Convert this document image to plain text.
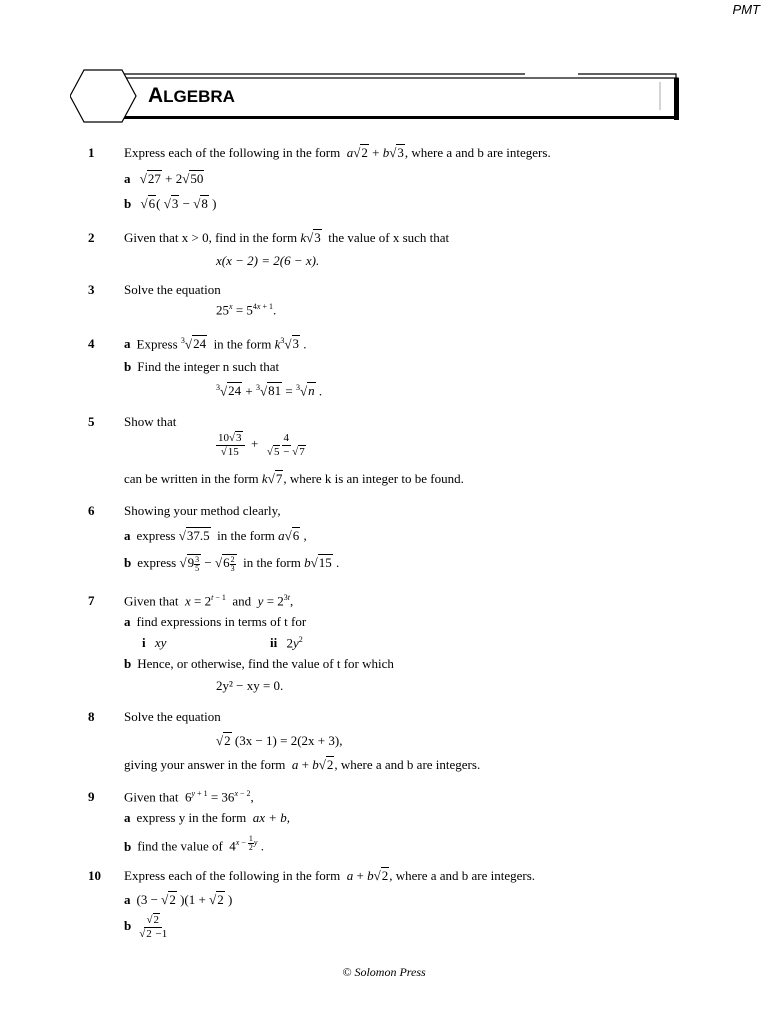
PMT
ALGEBRA
1 Express each of the following in the form a√2 + b√3, where a and b are integers.
a √27 + 2√50
b √6( √3 − √8 )
2 Given that x > 0, find in the form k√3 the value of x such that
x(x − 2) = 2(6 − x).
3 Solve the equation
$25^x = 5^{4x + 1}$.
4 a Express $^3$√24 in the form $k^3√3$ .
b Find the integer n such that
$^3$√24 + $^3$√81 = $^3$√n .
5 Show that
$\frac{10√3}{√15} + \frac{4}{√5 - √7}$
can be written in the form k√7, where k is an integer to be found.
6 Showing your method clearly,
a express √37.5 in the form a√6 ,
b express $√9 \frac{3}{5} - √6 \frac{2}{3}$ in the form b√15 .
7 Given that $x = 2^{t - 1}$ and $y = 2^{3t}$,
a find expressions in terms of t for
i xy	ii $2y^2$
b Hence, or otherwise, find the value of t for which
2y² − xy = 0.
8 Solve the equation
√2 (3x − 1) = 2(2x + 3),
giving your answer in the form a + b√2, where a and b are integers.
9 Given that  $6^{y + 1} = 36^{x - 2}$,
a express y in the form ax + b,
b find the value of  $4^{x - \frac{1}{2} y}$ .
10 Express each of the following in the form a + b√2, where a and b are integers.
a (3 − √2 )(1 + √2 )
b $\frac{√2}{√2 -1}$
© Solomon Press
